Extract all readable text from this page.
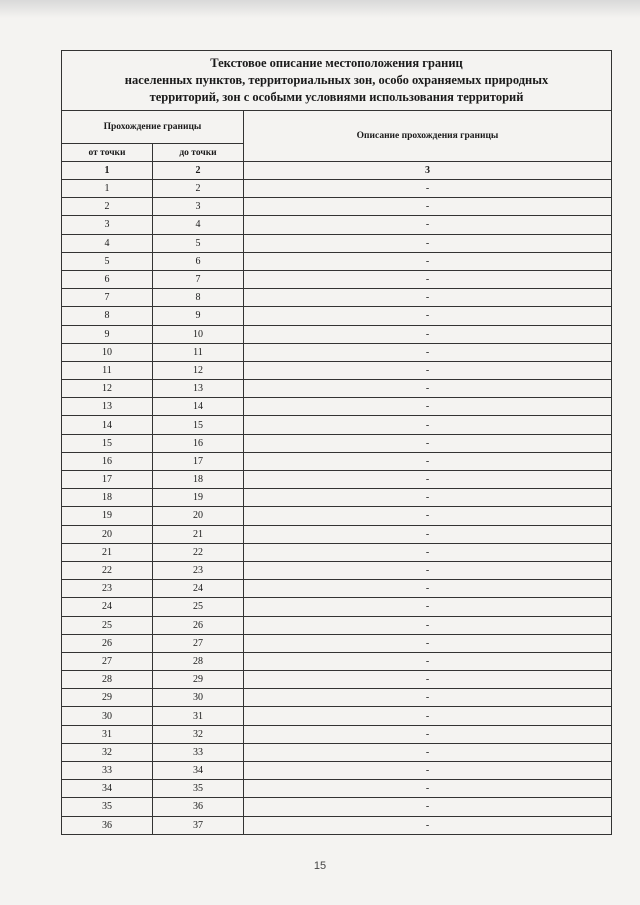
Текстовое описание местоположения границ
населенных пунктов, территориальных зон, особо охраняемых природных
территорий, зон с особыми условиями использования территорий		

Прохождение границы		Описание прохождения границы
от точки	до точки	
1	2	3
1	2	-
2	3	-
3	4	-
4	5	-
5	6	-
6	7	-
7	8	-
8	9	-
9	10	-
10	11	-
11	12	-
12	13	-
13	14	-
14	15	-
15	16	-
16	17	-
17	18	-
18	19	-
19	20	-
20	21	-
21	22	-
22	23	-
23	24	-
24	25	-
25	26	-
26	27	-
27	28	-
28	29	-
29	30	-
30	31	-
31	32	-
32	33	-
33	34	-
34	35	-
35	36	-
36	37	-
15
